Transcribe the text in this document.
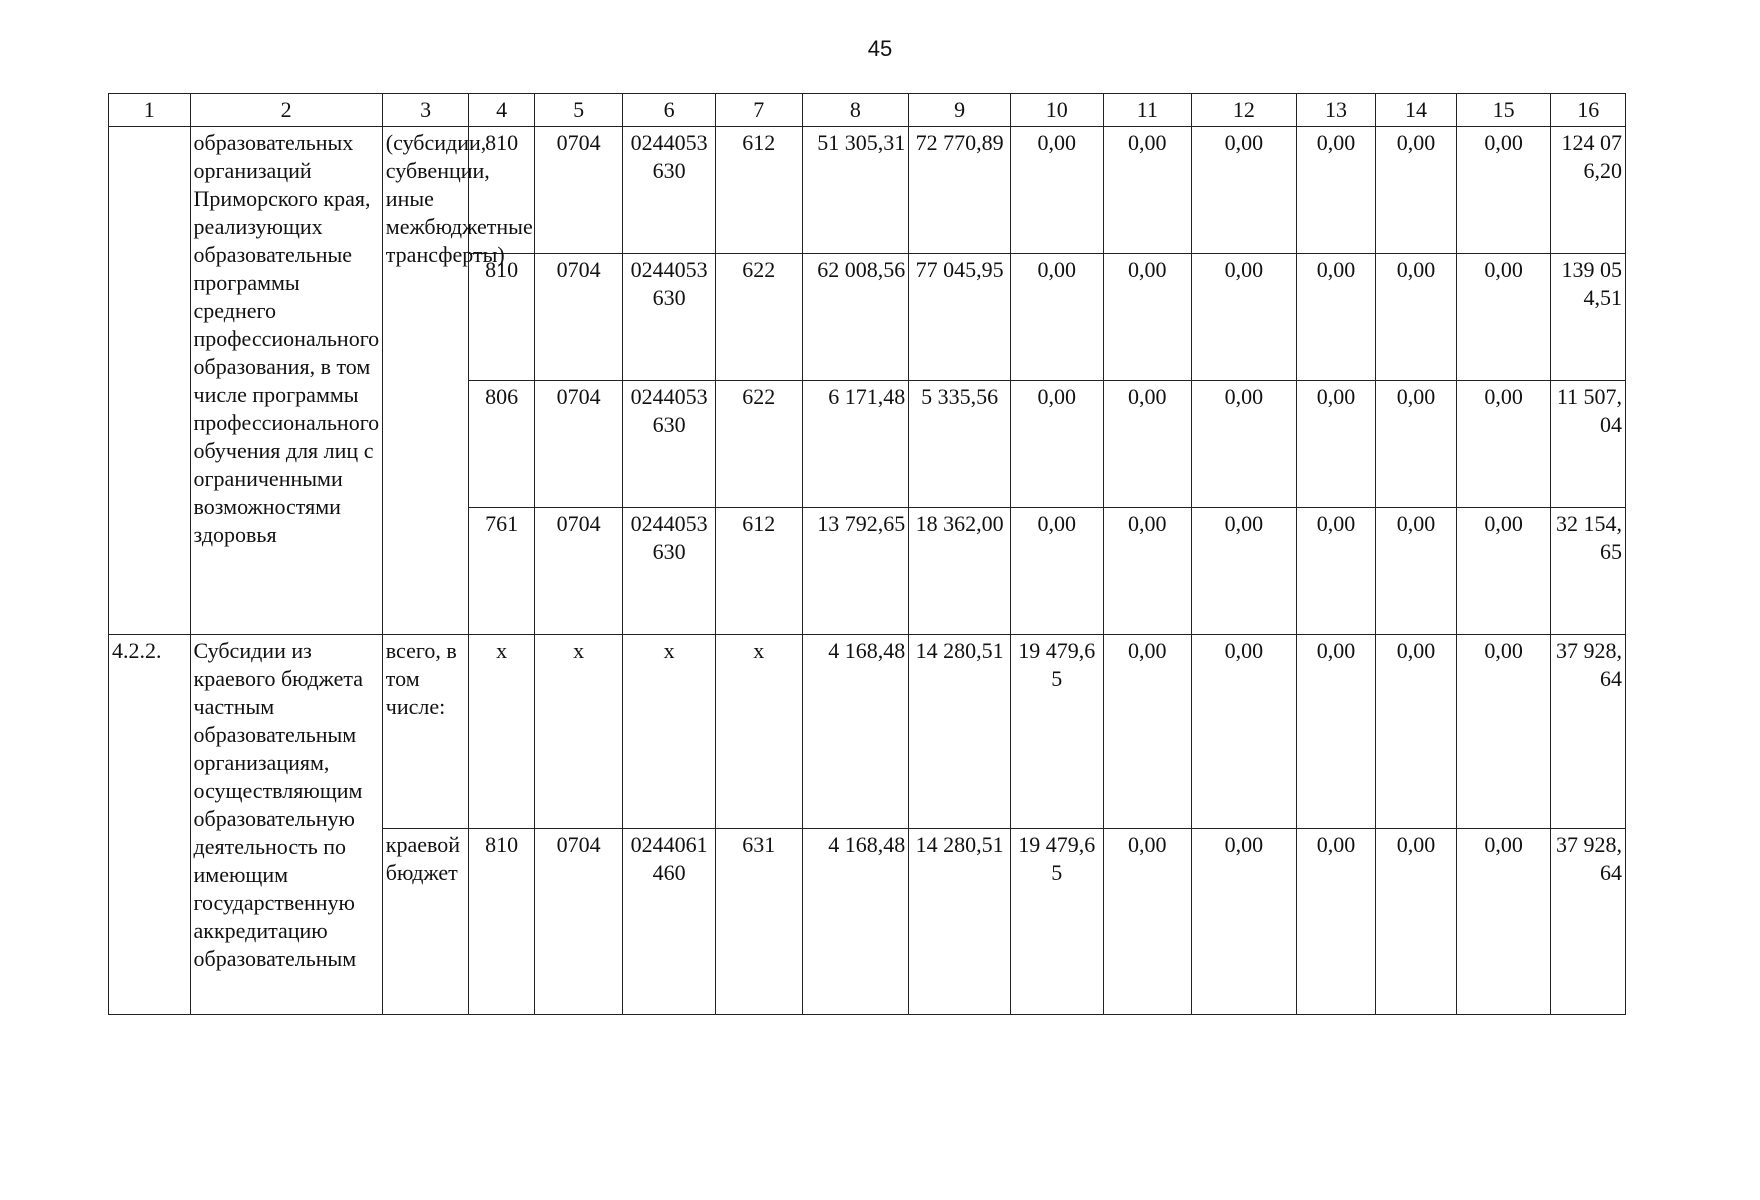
45
1	2	3	4	5	6	7	8	9	10	11	12	13	14	15	16
	образовательных организаций Приморского края, реализующих образовательные программы среднего профессионального образования, в том числе программы профессионального обучения для лиц с ограниченными возможностями здоровья	(субсидии, субвенции, иные межбюджетные трансферты)	810	0704	0244053630	612	51 305,31	72 770,89	0,00	0,00	0,00	0,00	0,00	0,00	124 076,20
			810	0704	0244053630	622	62 008,56	77 045,95	0,00	0,00	0,00	0,00	0,00	0,00	139 054,51
			806	0704	0244053630	622	6 171,48	5 335,56	0,00	0,00	0,00	0,00	0,00	0,00	11 507,04
			761	0704	0244053630	612	13 792,65	18 362,00	0,00	0,00	0,00	0,00	0,00	0,00	32 154,65
4.2.2.	Субсидии из краевого бюджета частным образовательным организациям, осуществляющим образовательную деятельность по имеющим государственную аккредитацию образовательным	всего, в том числе:	x	x	x	x	4 168,48	14 280,51	19 479,65	0,00	0,00	0,00	0,00	0,00	37 928,64
		краевой бюджет	810	0704	0244061460	631	4 168,48	14 280,51	19 479,65	0,00	0,00	0,00	0,00	0,00	37 928,64
